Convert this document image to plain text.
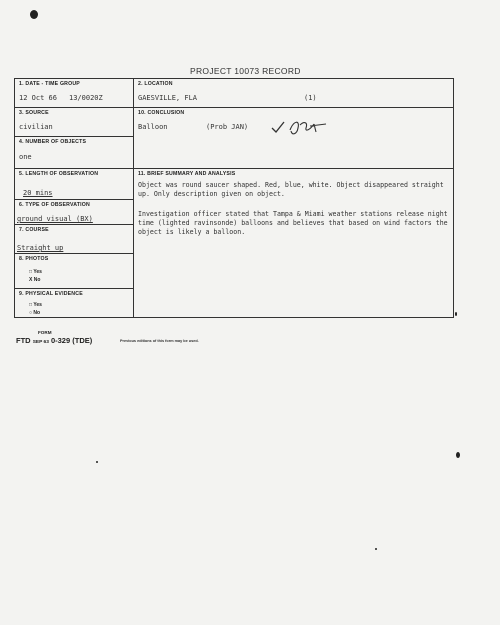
PROJECT 10073 RECORD
1. DATE - TIME GROUP
12 Oct 66 13/0020Z
3. SOURCE
civilian
4. NUMBER OF OBJECTS
one
5. LENGTH OF OBSERVATION
20 mins
6. TYPE OF OBSERVATION
ground visual (BX)
7. COURSE
Straight up
8. PHOTOS
□ Yes
X No
9. PHYSICAL EVIDENCE
□ Yes
○ No
2. LOCATION
GAESVILLE, FLA	(1)
10. CONCLUSION
Balloon	(Prob JAN)
11. BRIEF SUMMARY AND ANALYSIS
Object was round saucer shaped. Red, blue, white. Object disappeared straight up. Only description given on object.
Investigation officer stated that Tampa & Miami weather stations release night time (lighted ravinsonde) balloons and believes that based on wind factors the object is likely a balloon.
FORM
FTD SEP 63 0-329 (TDE)	Previous editions of this form may be used.
